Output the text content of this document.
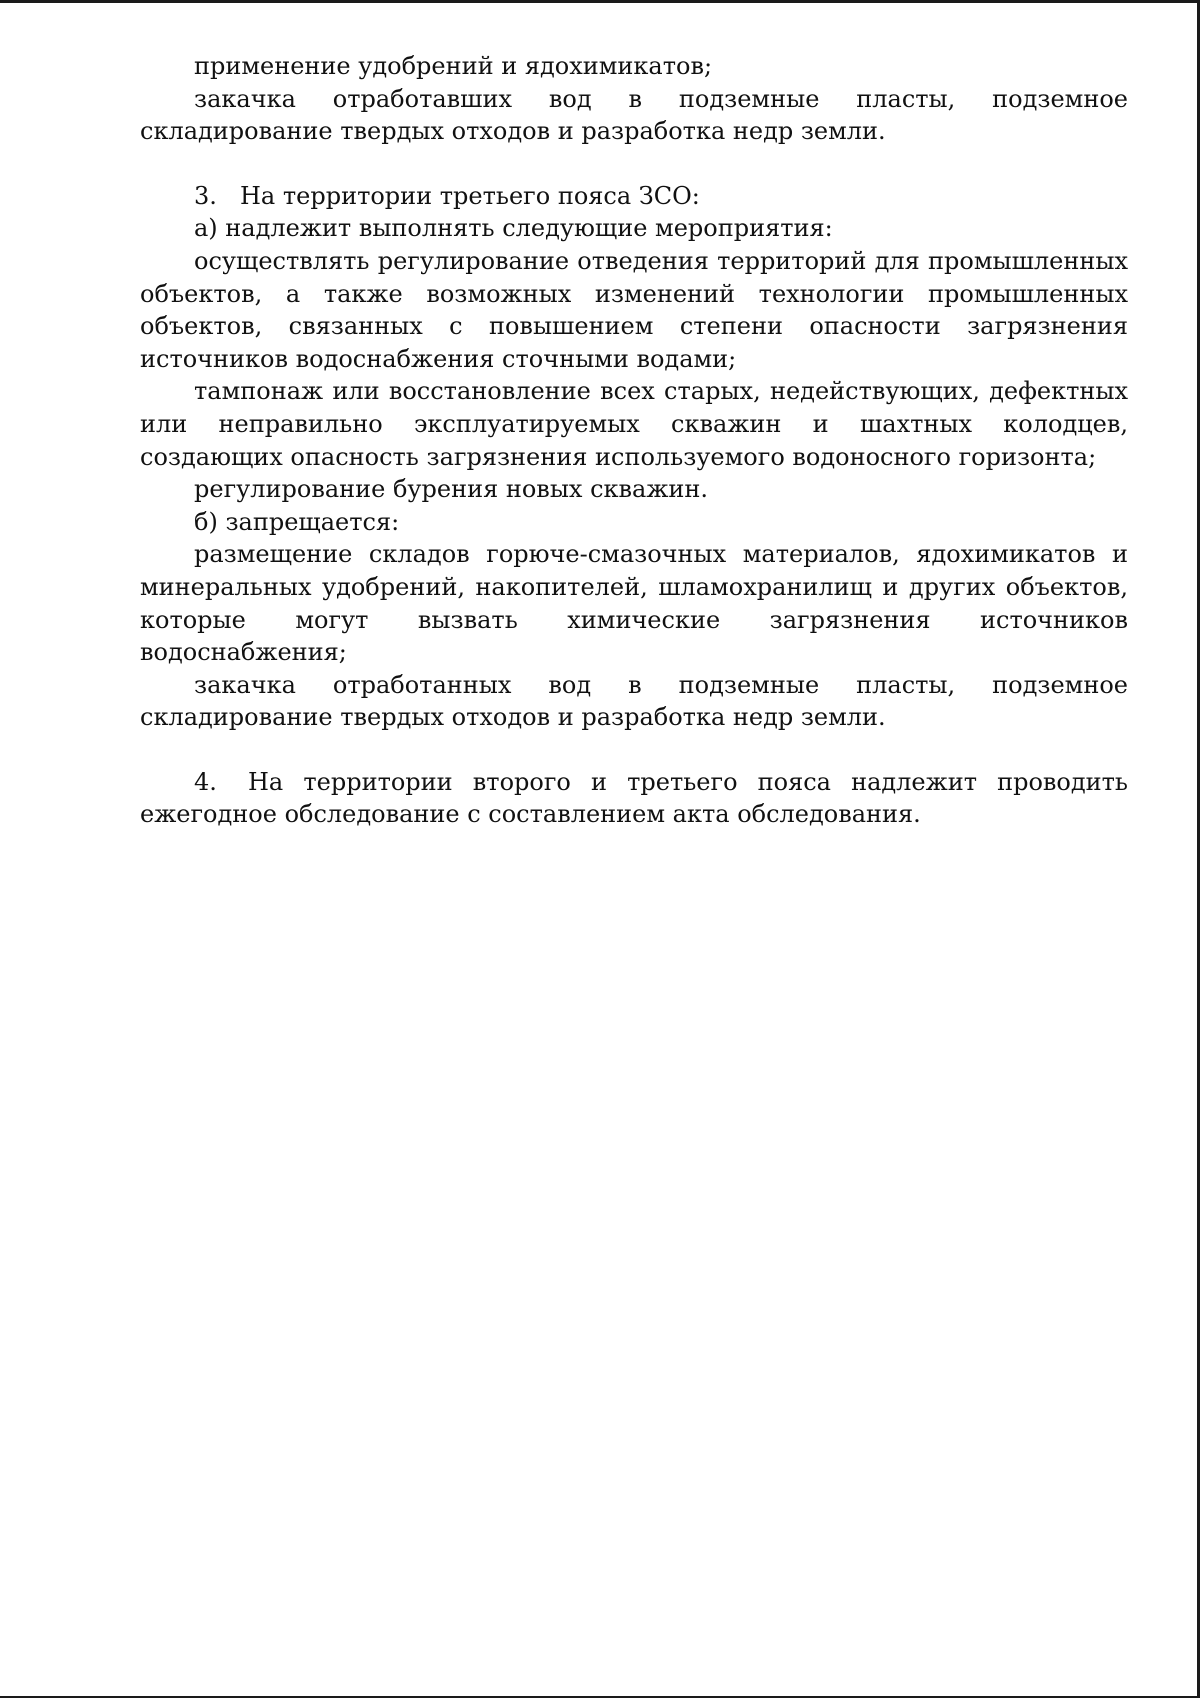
применение удобрений и ядохимикатов;

закачка отработавших вод в подземные пласты, подземное складирование твердых отходов и разработка недр земли.

3. На территории третьего пояса ЗСО:

а) надлежит выполнять следующие мероприятия:

осуществлять регулирование отведения территорий для промышленных объектов, а также возможных изменений технологии промышленных объектов, связанных с повышением степени опасности загрязнения источников водоснабжения сточными водами;

тампонаж или восстановление всех старых, недействующих, дефектных или неправильно эксплуатируемых скважин и шахтных колодцев, создающих опасность загрязнения используемого водоносного горизонта;

регулирование бурения новых скважин.

б) запрещается:

размещение складов горюче-смазочных материалов, ядохимикатов и минеральных удобрений, накопителей, шламохранилищ и других объектов, которые могут вызвать химические загрязнения источников водоснабжения;

закачка отработанных вод в подземные пласты, подземное складирование твердых отходов и разработка недр земли.

4. На территории второго и третьего пояса надлежит проводить ежегодное обследование с составлением акта обследования.
